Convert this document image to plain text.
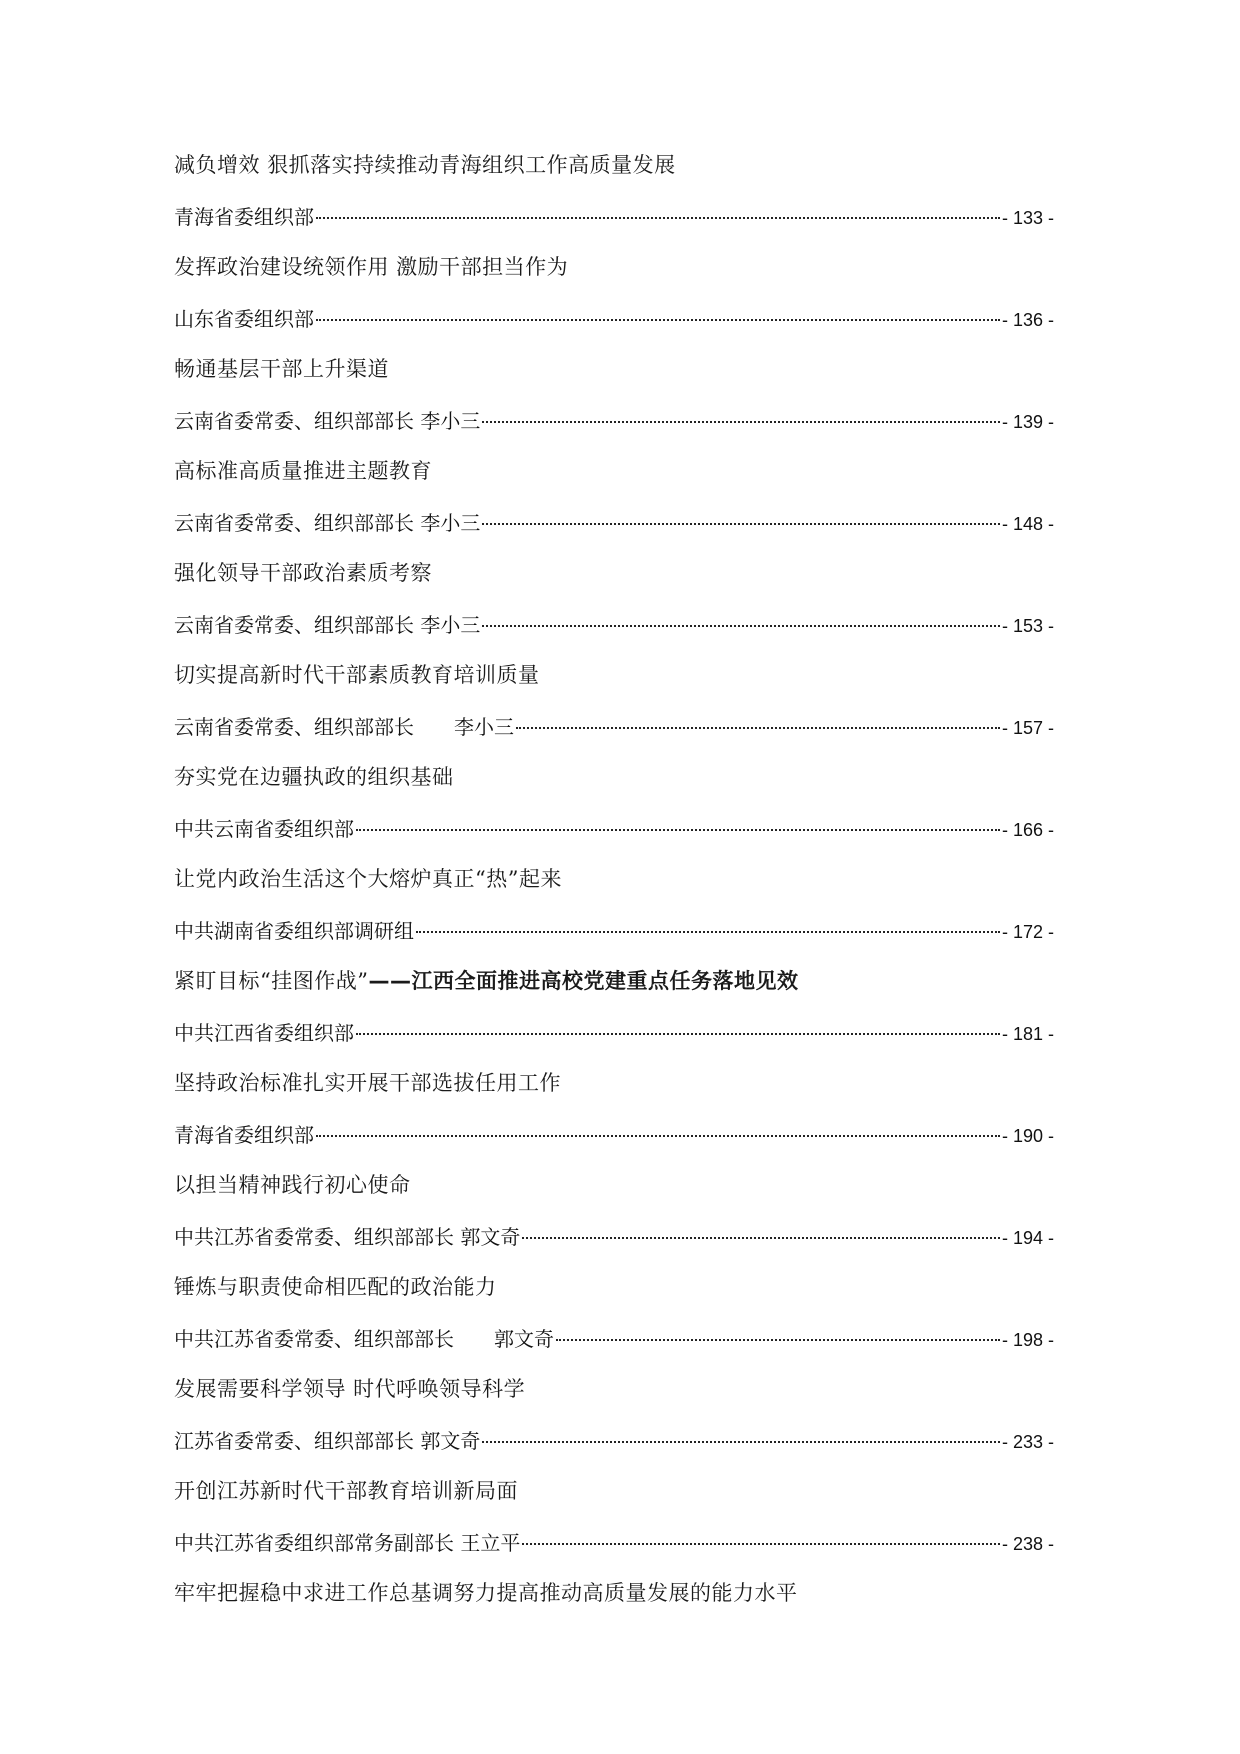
减负增效 狠抓落实持续推动青海组织工作高质量发展
青海省委组织部	- 133 -
发挥政治建设统领作用 激励干部担当作为
山东省委组织部	- 136 -
畅通基层干部上升渠道
云南省委常委、组织部部长 李小三	- 139 -
高标准高质量推进主题教育
云南省委常委、组织部部长 李小三	- 148 -
强化领导干部政治素质考察
云南省委常委、组织部部长 李小三	- 153 -
切实提高新时代干部素质教育培训质量
云南省委常委、组织部部长　　李小三	- 157 -
夯实党在边疆执政的组织基础
中共云南省委组织部	- 166 -
让党内政治生活这个大熔炉真正“热”起来
中共湖南省委组织部调研组	- 172 -
紧盯目标“挂图作战”——江西全面推进高校党建重点任务落地见效
中共江西省委组织部	- 181 -
坚持政治标准扎实开展干部选拔任用工作
青海省委组织部	- 190 -
以担当精神践行初心使命
中共江苏省委常委、组织部部长 郭文奇	- 194 -
锤炼与职责使命相匹配的政治能力
中共江苏省委常委、组织部部长　　郭文奇	- 198 -
发展需要科学领导 时代呼唤领导科学
江苏省委常委、组织部部长 郭文奇	- 233 -
开创江苏新时代干部教育培训新局面
中共江苏省委组织部常务副部长 王立平	- 238 -
牢牢把握稳中求进工作总基调努力提高推动高质量发展的能力水平
